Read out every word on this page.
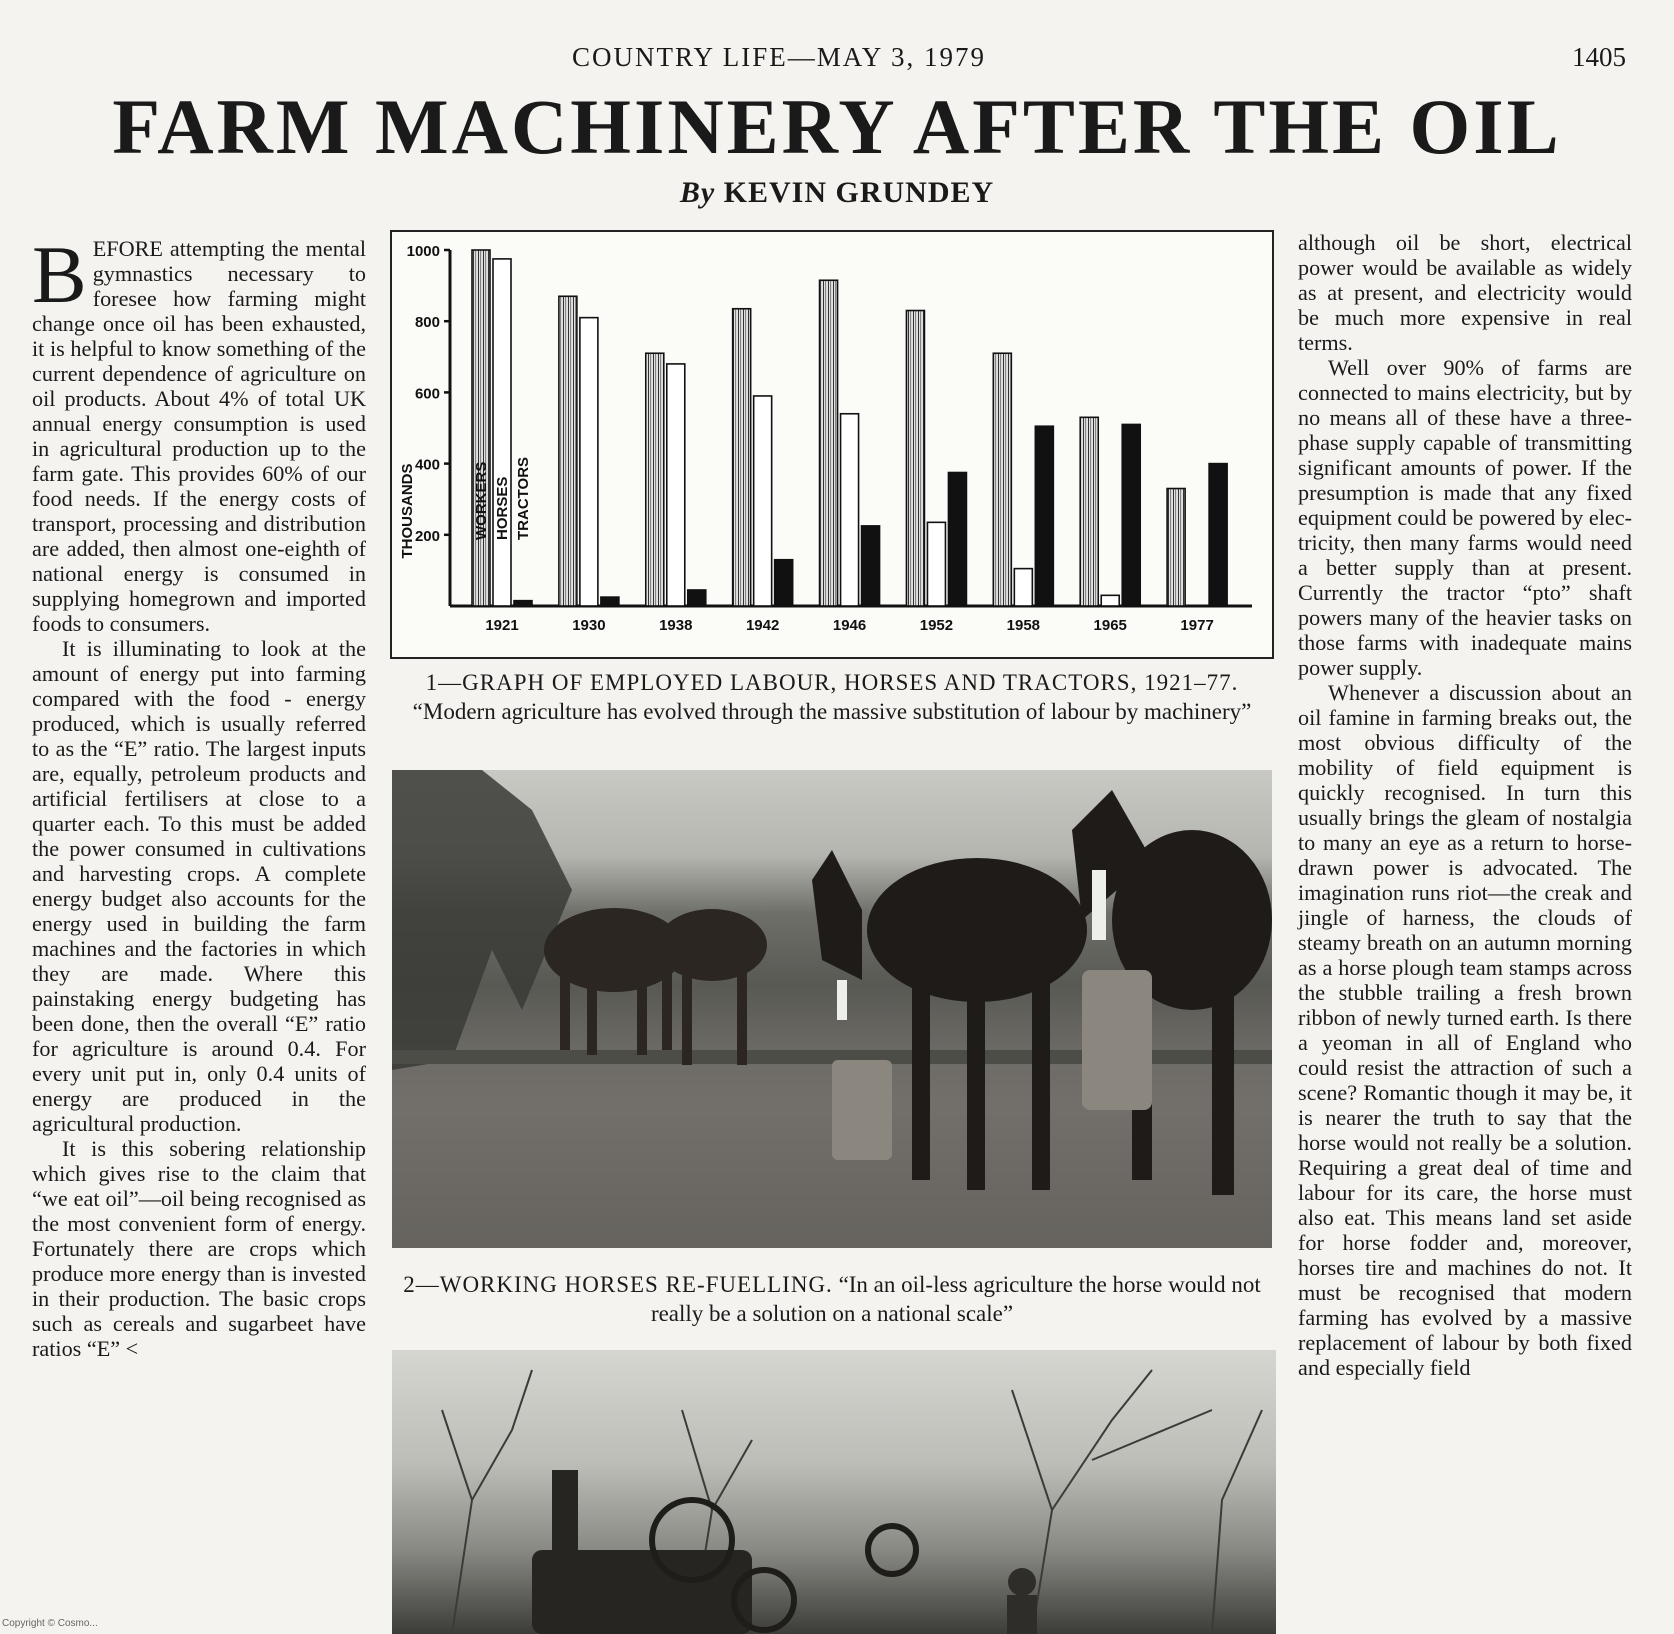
COUNTRY LIFE—MAY 3, 1979	1405
FARM MACHINERY AFTER THE OIL
By KEVIN GRUNDEY

BEFORE attempting the mental gymnastics necessary to foresee how farming might change once oil has been exhausted, it is helpful to know something of the current dependence of agriculture on oil products. About 4% of total UK annual energy consumption is used in agricultural production up to the farm gate. This provides 60% of our food needs. If the energy costs of transport, processing and distribution are added, then almost one-eighth of national energy is consumed in supplying homegrown and imported foods to consumers.

It is illuminating to look at the amount of energy put into farming compared with the food - energy produced, which is usually referred to as the “E” ratio. The largest inputs are, equally, petroleum products and artificial fertilisers at close to a quarter each. To this must be added the power consumed in cultivations and harvesting crops. A complete energy budget also accounts for the energy used in building the farm machines and the factories in which they are made. Where this painstaking energy budgeting has been done, then the overall “E” ratio for agriculture is around 0.4. For every unit put in, only 0.4 units of energy are produced in the agricultural production.

It is this sobering relationship which gives rise to the claim that “we eat oil”—oil being recognised as the most convenient form of energy. Fortunately there are crops which produce more energy than is invested in their production. The basic crops such as cereals and sugarbeet have ratios “E” <

200
400
600
800
1000
THOUSANDS
1921	1930	1938	1942	1946	1952	1958	1965	1977
WORKERS HORSES TRACTORS
1—GRAPH OF EMPLOYED LABOUR, HORSES AND TRACTORS, 1921–77. “Modern agriculture has evolved through the massive substitution of labour by machinery”
2—WORKING HORSES RE-FUELLING. “In an oil-less agriculture the horse would not really be a solution on a national scale”

although oil be short, electrical power would be available as widely as at present, and electricity would be much more expensive in real terms.

Well over 90% of farms are connected to mains electricity, but by no means all of these have a three-phase supply capable of transmitting significant amounts of power. If the presumption is made that any fixed equipment could be powered by electricity, then many farms would need a better supply than at present. Currently the tractor “pto” shaft powers many of the heavier tasks on those farms with inadequate mains power supply.

Whenever a discussion about an oil famine in farming breaks out, the most obvious difficulty of the mobility of field equipment is quickly recognised. In turn this usually brings the gleam of nostalgia to many an eye as a return to horse-drawn power is advocated. The imagination runs riot—the creak and jingle of harness, the clouds of steamy breath on an autumn morning as a horse plough team stamps across the stubble trailing a fresh brown ribbon of newly turned earth. Is there a yeoman in all of England who could resist the attraction of such a scene? Romantic though it may be, it is nearer the truth to say that the horse would not really be a solution. Requiring a great deal of time and labour for its care, the horse must also eat. This means land set aside for horse fodder and, moreover, horses tire and machines do not. It must be recognised that modern farming has evolved by a massive replacement of labour by both fixed and especially field

Copyright © Cosmo...
